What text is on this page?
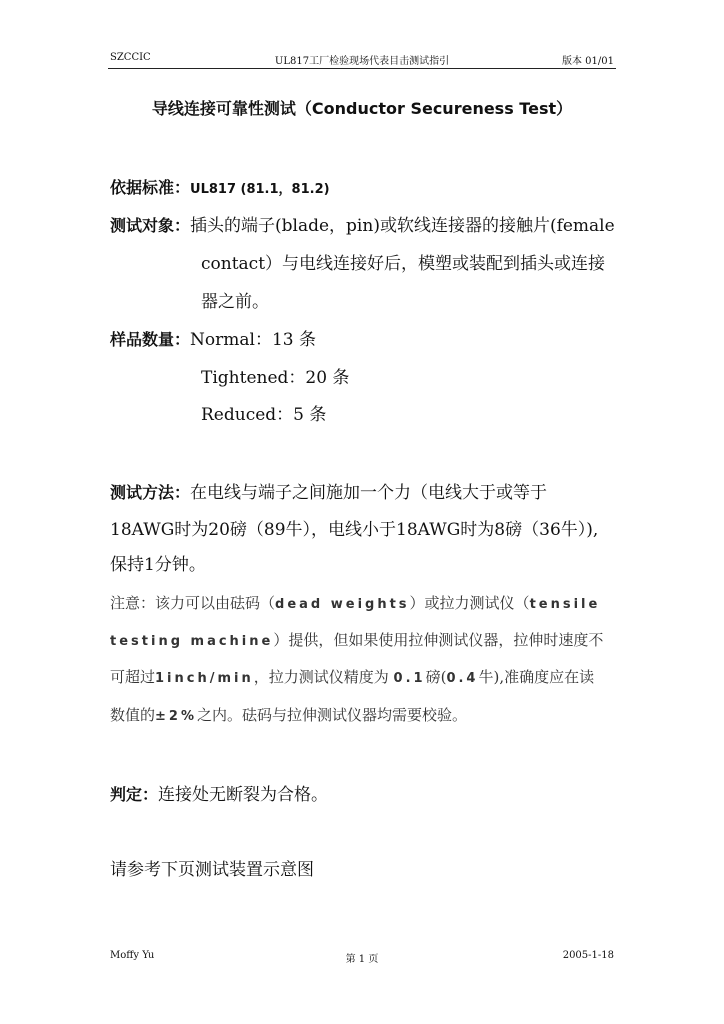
SZCCIC	UL817工厂检验现场代表目击测试指引	版本 01/01
导线连接可靠性测试（Conductor Secureness Test）
依据标准：UL817 (81.1，81.2)
测试对象：插头的端子(blade，pin)或软线连接器的接触片(female
contact）与电线连接好后，模塑或装配到插头或连接
器之前。
样品数量：Normal：13 条
Tightened：20 条
Reduced：5 条
测试方法：在电线与端子之间施加一个力（电线大于或等于
18AWG时为20磅（89牛），电线小于18AWG时为8磅（36牛）),
保持1分钟。
注意：该力可以由砝码（dead weights）或拉力测试仪（tensile
testing machine）提供，但如果使用拉伸测试仪器，拉伸时速度不
可超过1inch/min，拉力测试仪精度为 0.1磅(0.4牛),准确度应在读
数值的±2%之内。砝码与拉伸测试仪器均需要校验。
判定：连接处无断裂为合格。
请参考下页测试装置示意图
Moffy Yu	第 1 页	2005-1-18
